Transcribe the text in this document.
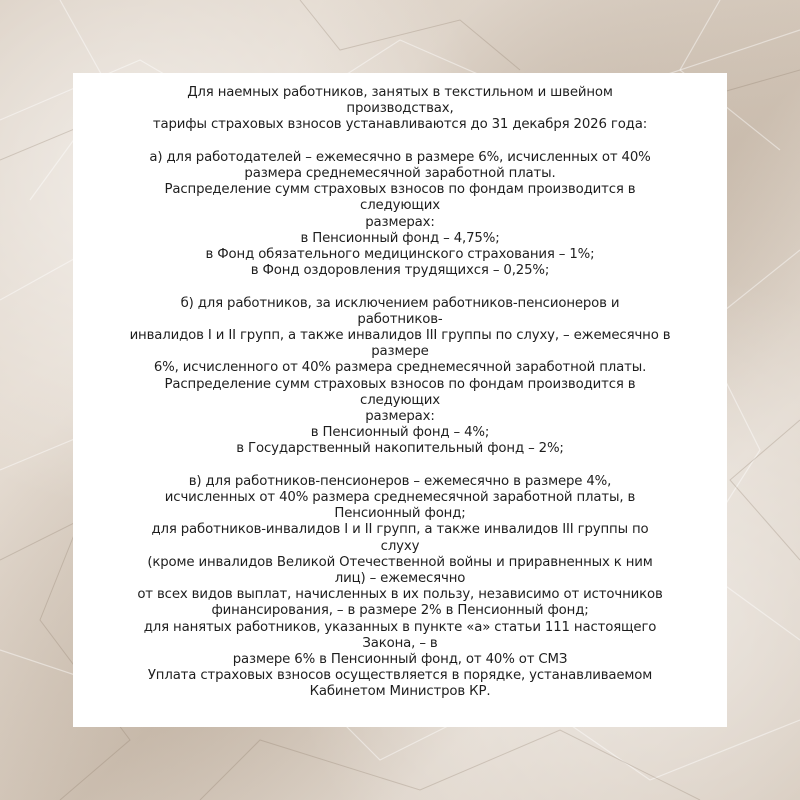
Для наемных работников, занятых в текстильном и швейном
производствах,
тарифы страховых взносов устанавливаются до 31 декабря 2026 года:
а) для работодателей – ежемесячно в размере 6%, исчисленных от 40%
размера среднемесячной заработной платы.
Распределение сумм страховых взносов по фондам производится в
следующих
размерах:
в Пенсионный фонд – 4,75%;
в Фонд обязательного медицинского страхования – 1%;
в Фонд оздоровления трудящихся – 0,25%;
б) для работников, за исключением работников-пенсионеров и
работников-
инвалидов I и II групп, а также инвалидов III группы по слуху, – ежемесячно в
размере
6%, исчисленного от 40% размера среднемесячной заработной платы.
Распределение сумм страховых взносов по фондам производится в
следующих
размерах:
в Пенсионный фонд – 4%;
в Государственный накопительный фонд – 2%;
в) для работников-пенсионеров – ежемесячно в размере 4%,
исчисленных от 40% размера среднемесячной заработной платы, в
Пенсионный фонд;
для работников-инвалидов I и II групп, а также инвалидов III группы по
слуху
(кроме инвалидов Великой Отечественной войны и приравненных к ним
лиц) – ежемесячно
от всех видов выплат, начисленных в их пользу, независимо от источников
финансирования, – в размере 2% в Пенсионный фонд;
для нанятых работников, указанных в пункте «а» статьи 111 настоящего
Закона, – в
размере 6% в Пенсионный фонд, от 40% от СМЗ
Уплата страховых взносов осуществляется в порядке, устанавливаемом
Кабинетом Министров КР.
